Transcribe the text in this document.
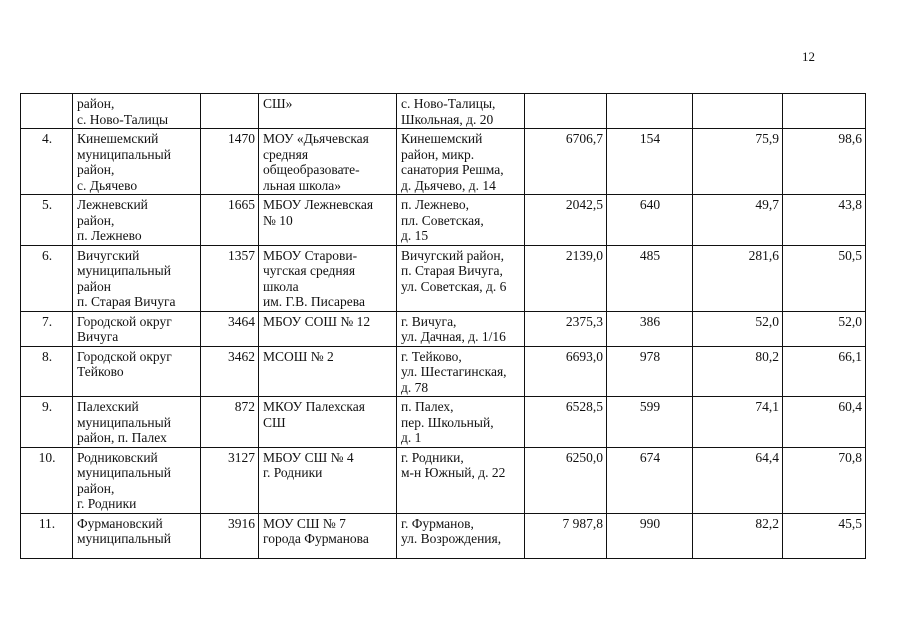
12
	район,
с. Ново-Талицы		СШ»	с. Ново-Талицы,
Школьная, д. 20				
4.	Кинешемский
муниципальный
район,
с. Дьячево	1470	МОУ «Дьячевская
средняя
общеобразовате-
льная школа»	Кинешемский
район, микр.
санатория Решма,
д. Дьячево, д. 14	6706,7	154	75,9	98,6
5.	Лежневский
район,
п. Лежнево	1665	МБОУ Лежневская
№ 10	п. Лежнево,
пл. Советская,
д. 15	2042,5	640	49,7	43,8
6.	Вичугский
муниципальный
район
п. Старая Вичуга	1357	МБОУ Старови-
чугская средняя
школа
им. Г.В. Писарева	Вичугский район,
п. Старая Вичуга,
ул. Советская, д. 6	2139,0	485	281,6	50,5
7.	Городской округ
Вичуга	3464	МБОУ СОШ № 12	г. Вичуга,
ул. Дачная, д. 1/16	2375,3	386	52,0	52,0
8.	Городской округ
Тейково	3462	МСОШ № 2	г. Тейково,
ул. Шестагинская,
д. 78	6693,0	978	80,2	66,1
9.	Палехский
муниципальный
район, п. Палех	872	МКОУ Палехская
СШ	п. Палех,
пер. Школьный,
д. 1	6528,5	599	74,1	60,4
10.	Родниковский
муниципальный
район,
г. Родники	3127	МБОУ СШ № 4
г. Родники	г. Родники,
м-н Южный, д. 22	6250,0	674	64,4	70,8
11.	Фурмановский
муниципальный	3916	МОУ СШ № 7
города Фурманова	г. Фурманов,
ул. Возрождения,	7 987,8	990	82,2	45,5
